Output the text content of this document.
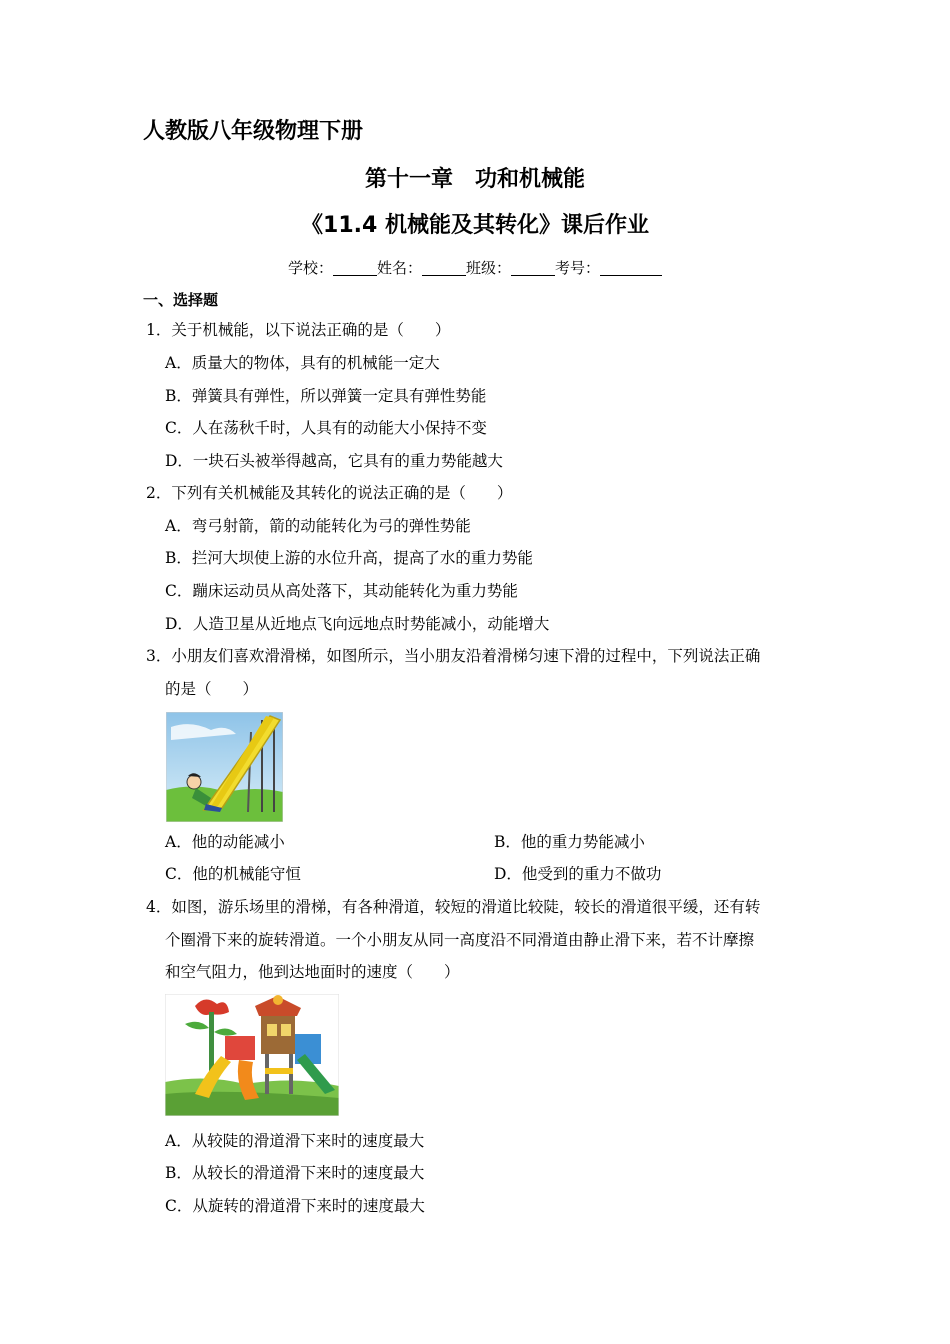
人教版八年级物理下册
第十一章　功和机械能
《11.4 机械能及其转化》课后作业
学校：	姓名：	班级：	考号：
一、选择题
1．关于机械能，以下说法正确的是（　　）
A．质量大的物体，具有的机械能一定大
B．弹簧具有弹性，所以弹簧一定具有弹性势能
C．人在荡秋千时，人具有的动能大小保持不变
D．一块石头被举得越高，它具有的重力势能越大
2．下列有关机械能及其转化的说法正确的是（　　）
A．弯弓射箭，箭的动能转化为弓的弹性势能
B．拦河大坝使上游的水位升高，提高了水的重力势能
C．蹦床运动员从高处落下，其动能转化为重力势能
D．人造卫星从近地点飞向远地点时势能减小，动能增大
3．小朋友们喜欢滑滑梯，如图所示，当小朋友沿着滑梯匀速下滑的过程中，下列说法正确
的是（　　）
A．他的动能减小	B．他的重力势能减小
C．他的机械能守恒	D．他受到的重力不做功
4．如图，游乐场里的滑梯，有各种滑道，较短的滑道比较陡，较长的滑道很平缓，还有转
个圈滑下来的旋转滑道。一个小朋友从同一高度沿不同滑道由静止滑下来，若不计摩擦
和空气阻力，他到达地面时的速度（　　）
A．从较陡的滑道滑下来时的速度最大
B．从较长的滑道滑下来时的速度最大
C．从旋转的滑道滑下来时的速度最大
